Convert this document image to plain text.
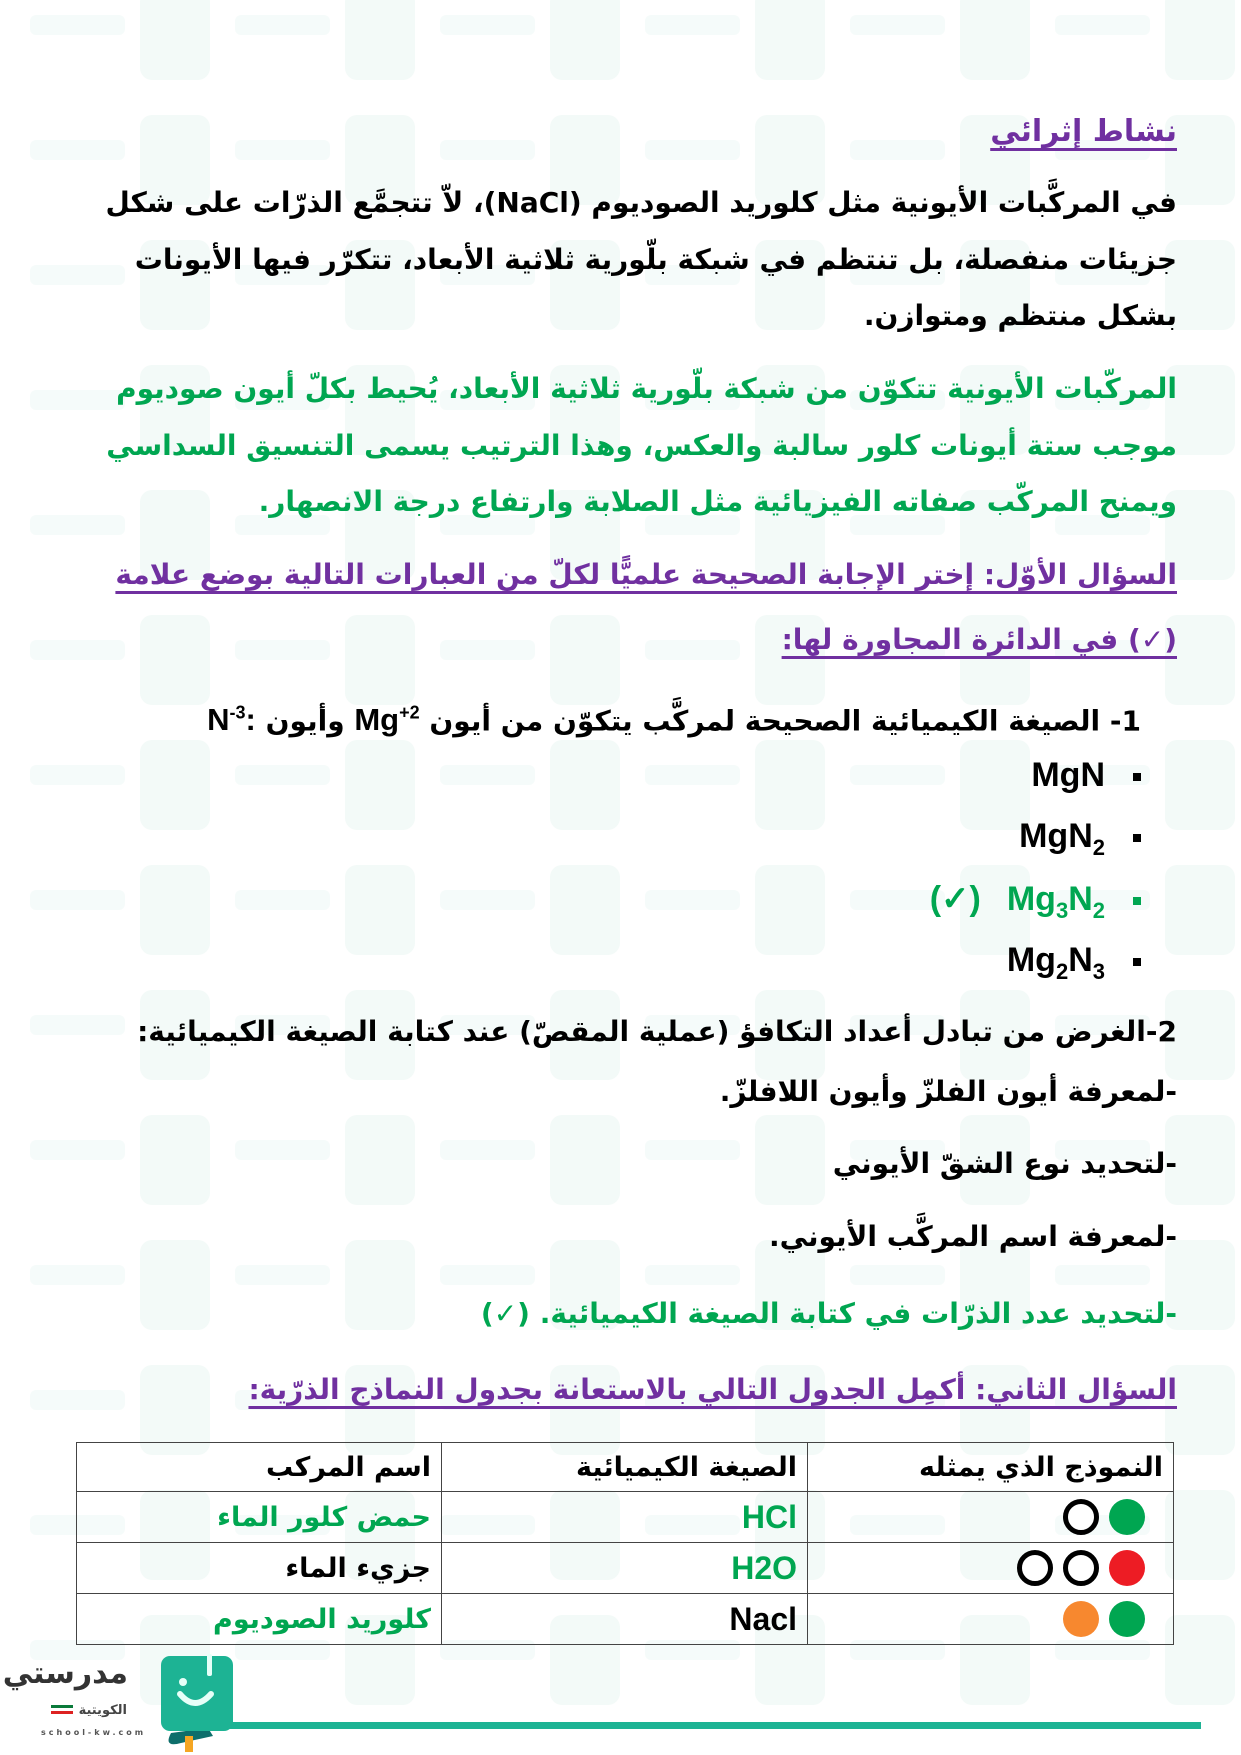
نشاط إثرائي
في المركَّبات الأيونية مثل كلوريد الصوديوم (NaCl)، لاّ تتجمَّع الذرّات على شكل
جزيئات منفصلة، بل تنتظم في شبكة بلّورية ثلاثية الأبعاد، تتكرّر فيها الأيونات
بشكل منتظم ومتوازن.
المركّبات الأيونية تتكوّن من شبكة بلّورية ثلاثية الأبعاد، يُحيط بكلّ أيون صوديوم
موجب ستة أيونات كلور سالبة والعكس، وهذا الترتيب يسمى التنسيق السداسي
ويمنح المركّب صفاته الفيزيائية مثل الصلابة وارتفاع درجة الانصهار.
السؤال الأوّل: إختر الإجابة الصحيحة علميًّا لكلّ من العبارات التالية بوضع علامة
(✓) في الدائرة المجاورة لها:
1- الصيغة الكيميائية الصحيحة لمركَّب يتكوّن من أيون $Mg^{+2}$ وأيون $N^{-3}$:
MgN
MgN$_2$
(✓) $Mg_3N_2$
$Mg_2N_3$
2-الغرض من تبادل أعداد التكافؤ (عملية المقصّ) عند كتابة الصيغة الكيميائية:
-لمعرفة أيون الفلزّ وأيون اللافلزّ.
-لتحديد نوع الشقّ الأيوني
-لمعرفة اسم المركَّب الأيوني.
-لتحديد عدد الذرّات في كتابة الصيغة الكيميائية. (✓)
السؤال الثاني: أكمِل الجدول التالي بالاستعانة بجدول النماذج الذرّية:
النموذج الذي يمثله	الصيغة الكيميائية	اسم المركب
	HCl	حمض كلور الماء
	H2O	جزيء الماء
	Nacl	كلوريد الصوديوم
مدرستي
الكويتية
school-kw.com
